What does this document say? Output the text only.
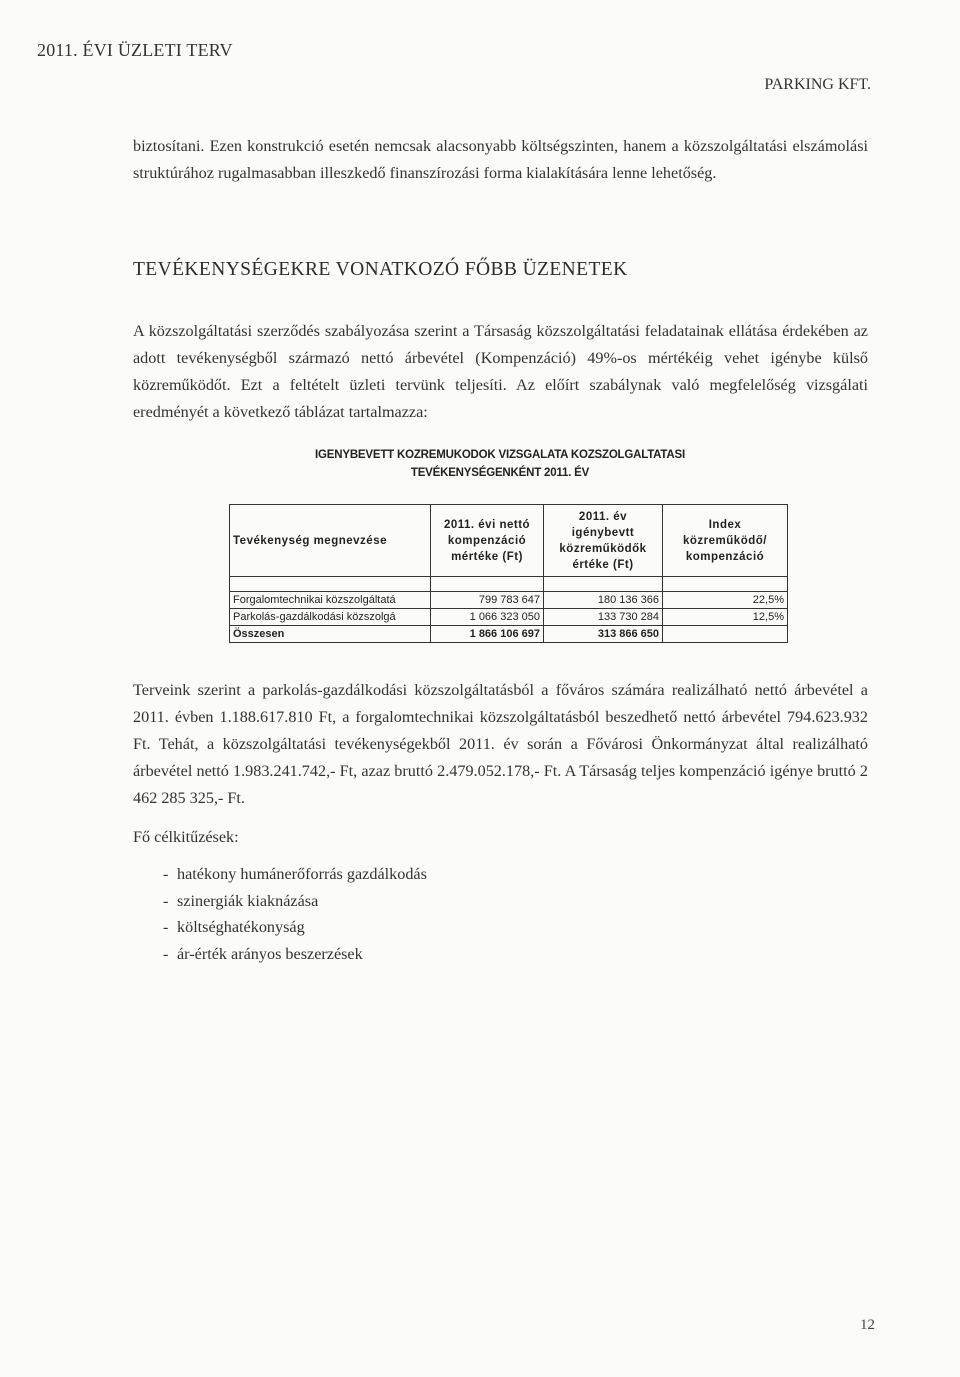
2011. ÉVI ÜZLETI TERV
PARKING KFT.
biztosítani. Ezen konstrukció esetén nemcsak alacsonyabb költségszinten, hanem a közszolgáltatási elszámolási struktúrához rugalmasabban illeszkedő finanszírozási forma kialakítására lenne lehetőség.
TEVÉKENYSÉGEKRE VONATKOZÓ FŐBB ÜZENETEK
A közszolgáltatási szerződés szabályozása szerint a Társaság közszolgáltatási feladatainak ellátása érdekében az adott tevékenységből származó nettó árbevétel (Kompenzáció) 49%-os mértékéig vehet igénybe külső közreműködőt. Ezt a feltételt üzleti tervünk teljesíti. Az előírt szabálynak való megfelelőség vizsgálati eredményét a következő táblázat tartalmazza:
IGENYBEVETT KOZREMUKODOK VIZSGALATA KOZSZOLGALTATASI
TEVÉKENYSÉGENKÉNT 2011. ÉV
Tevékenység megnevzése	2011. évi nettó kompenzáció mértéke (Ft)	2011. év igénybevtt közreműködők értéke (Ft)	Index közreműködő/ kompenzáció

Forgalomtechnikai közszolgáltatá	799 783 647	180 136 366	22,5%

Parkolás-gazdálkodási közszolgá	1 066 323 050	133 730 284	12,5%

Összesen	1 866 106 697	313 866 650	
Terveink szerint a parkolás-gazdálkodási közszolgáltatásból a főváros számára realizálható nettó árbevétel a 2011. évben 1.188.617.810 Ft, a forgalomtechnikai közszolgáltatásból beszedhető nettó árbevétel 794.623.932 Ft. Tehát, a közszolgáltatási tevékenységekből 2011. év során a Fővárosi Önkormányzat által realizálható árbevétel nettó 1.983.241.742,- Ft, azaz bruttó 2.479.052.178,- Ft. A Társaság teljes kompenzáció igénye bruttó 2 462 285 325,- Ft.
Fő célkitűzések:
- hatékony humánerőforrás gazdálkodás
- szinergiák kiaknázása
- költséghatékonyság
- ár-érték arányos beszerzések
12
